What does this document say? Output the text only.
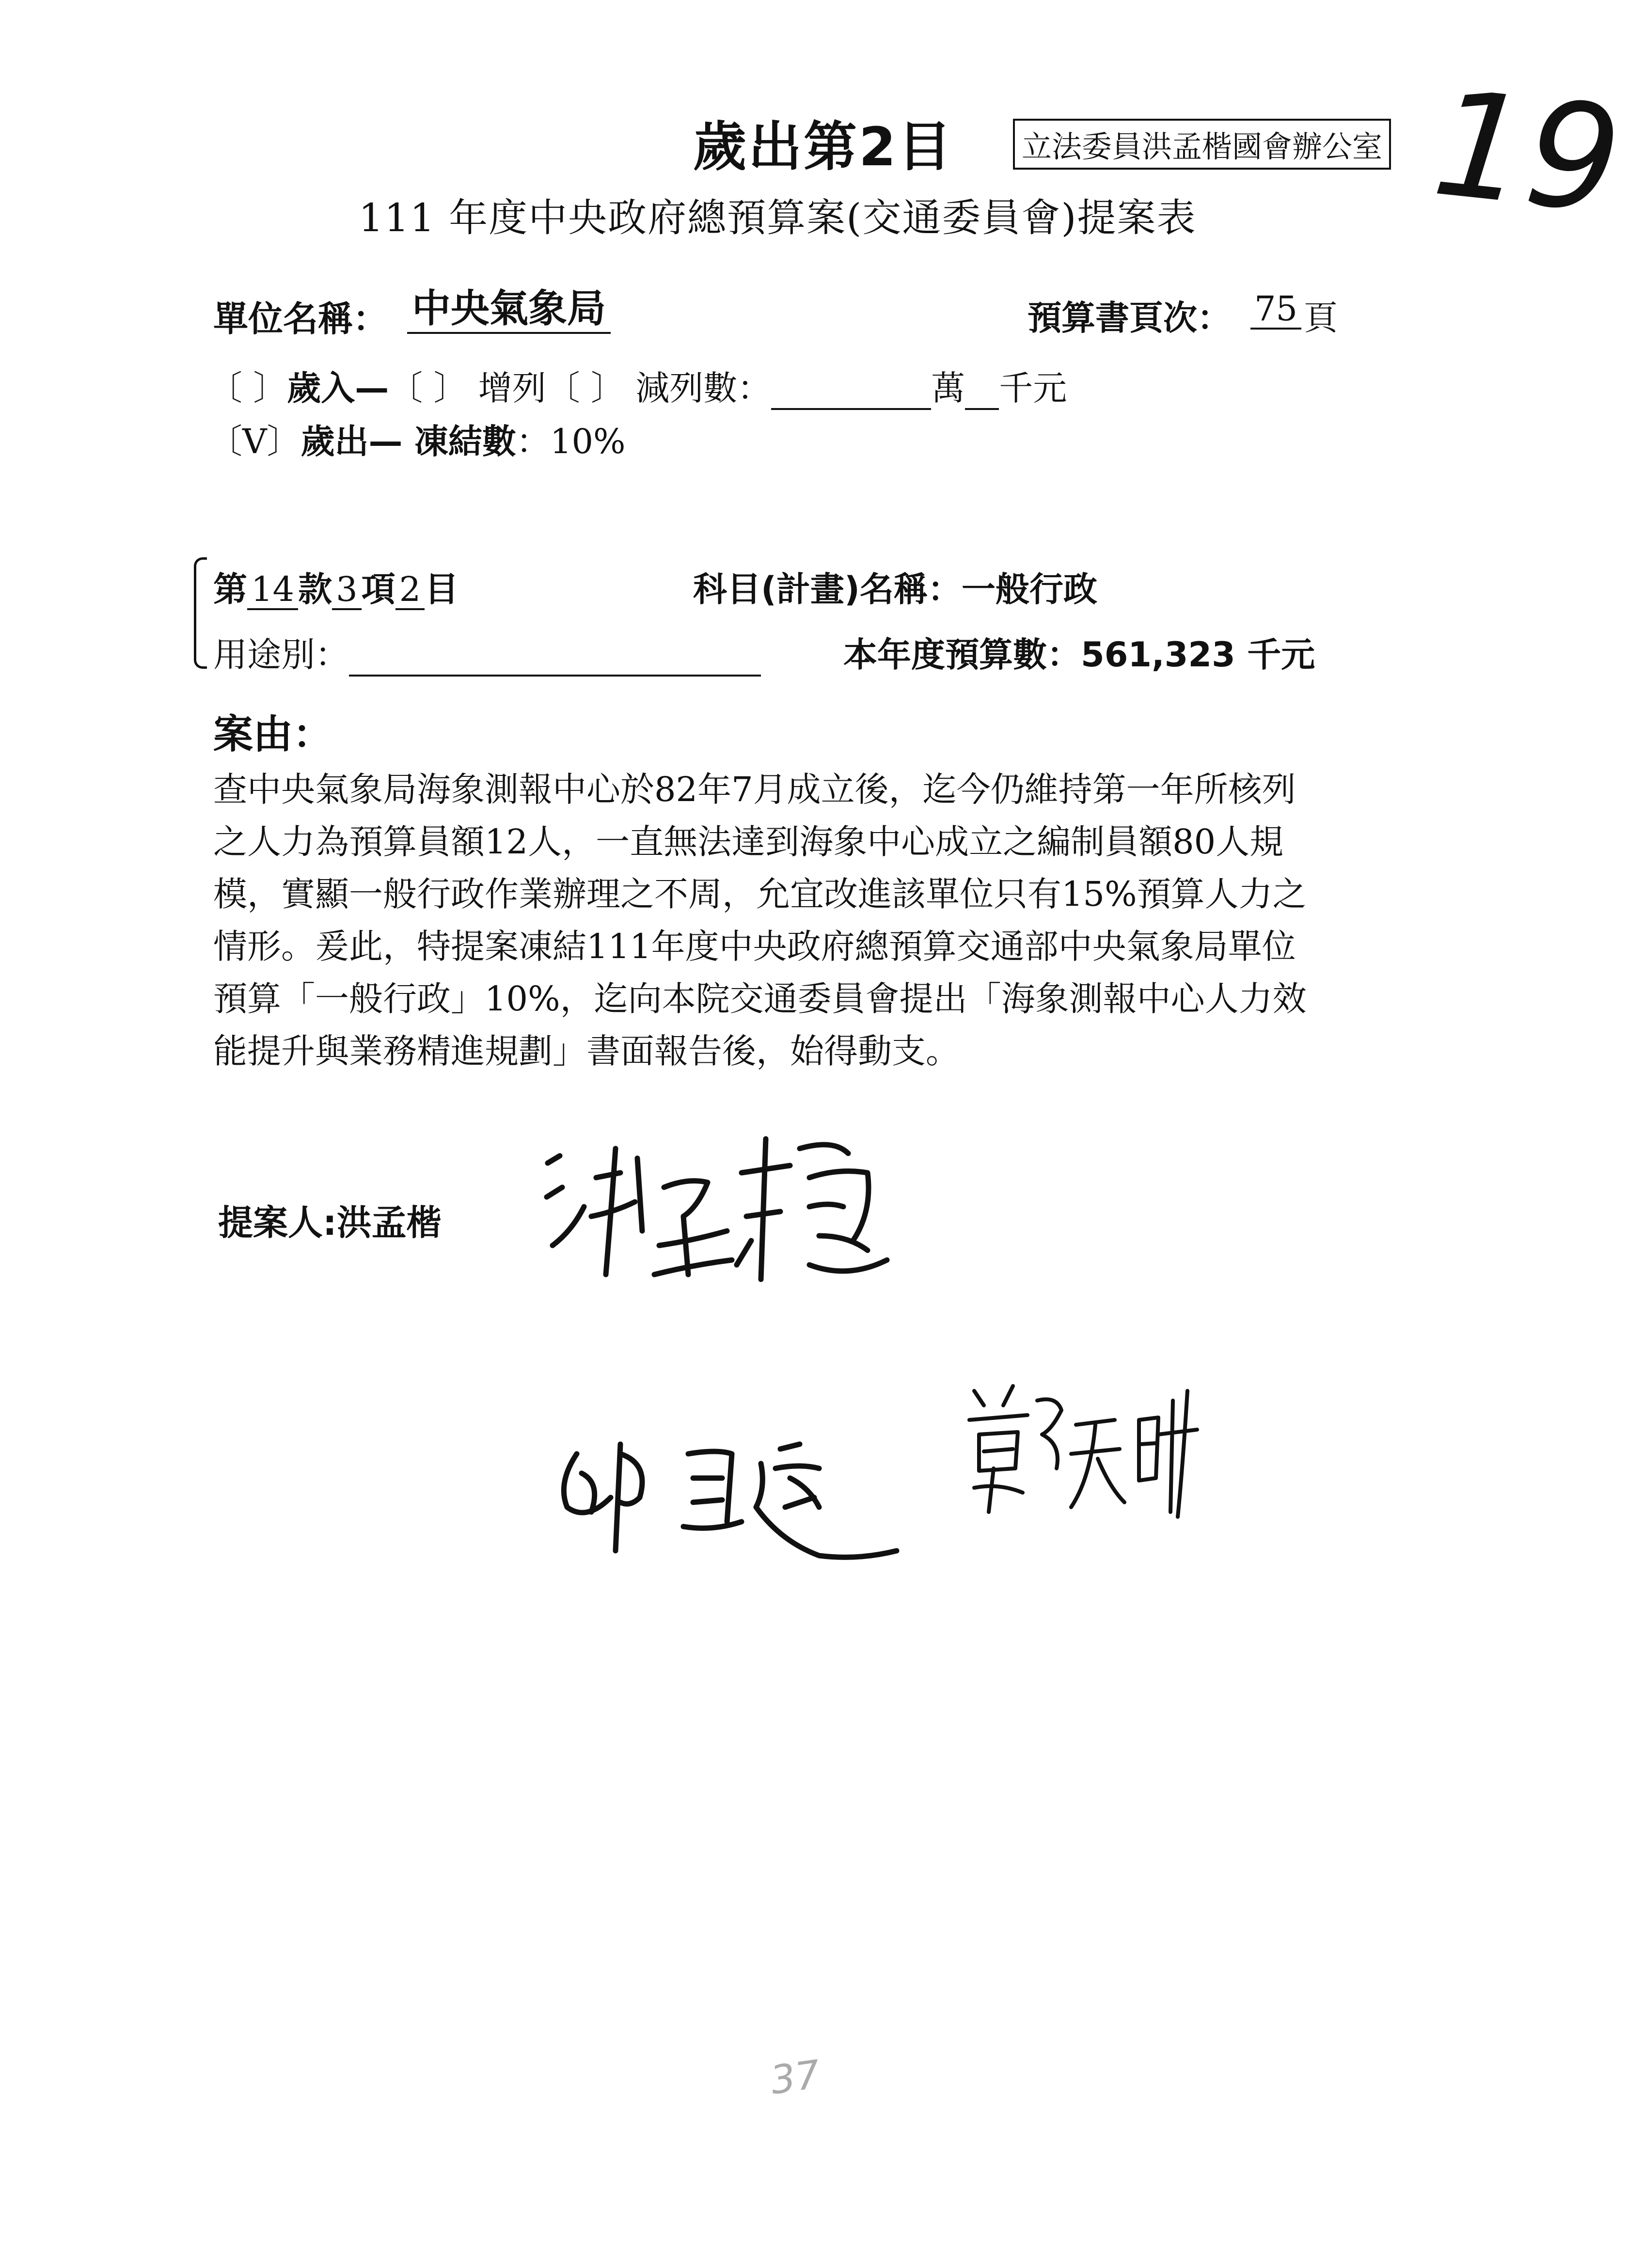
歲出第2目 立法委員洪孟楷國會辦公室 19
111 年度中央政府總預算案(交通委員會)提案表
單位名稱： 中央氣象局	預算書頁次： 75 頁
〔 〕歲入—〔 〕 增列〔 〕 減列數：	萬 千元
〔V〕歲出— 凍結數：10%
第 14 款 3 項 2 目	科目(計畫)名稱：一般行政
用途別：	本年度預算數：561,323 千元
案由：
查中央氣象局海象測報中心於82年7月成立後，迄今仍維持第一年所核列
之人力為預算員額12人，一直無法達到海象中心成立之編制員額80人規
模，實顯一般行政作業辦理之不周，允宜改進該單位只有15%預算人力之
情形。爰此，特提案凍結111年度中央政府總預算交通部中央氣象局單位
預算「一般行政」10%，迄向本院交通委員會提出「海象測報中心人力效
能提升與業務精進規劃」書面報告後，始得動支。
提案人:洪孟楷
37
